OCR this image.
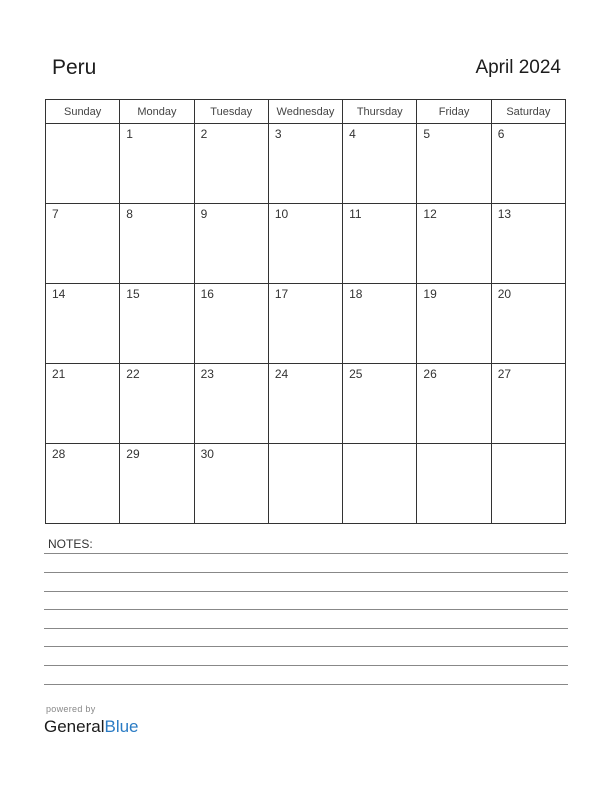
Peru	April 2024
Sunday	Monday	Tuesday	Wednesday	Thursday	Friday	Saturday
	1	2	3	4	5	6
7	8	9	10	11	12	13
14	15	16	17	18	19	20
21	22	23	24	25	26	27
28	29	30				
NOTES:
powered by
GeneralBlue
